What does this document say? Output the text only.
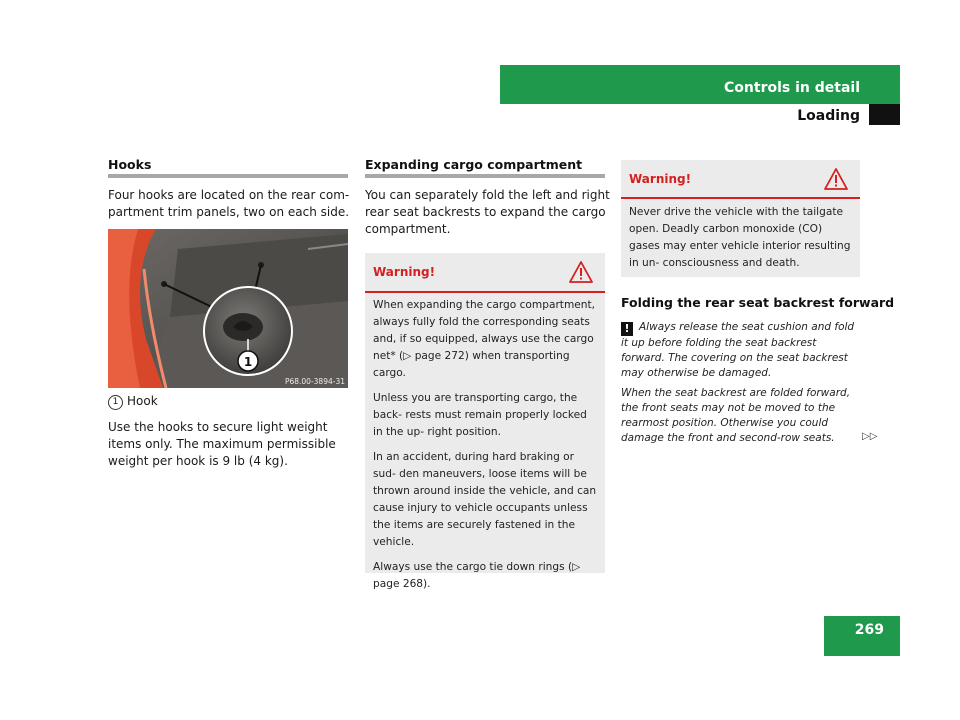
Controls in detail
Loading
Hooks
Four hooks are located on the rear com- partment trim panels, two on each side.
1
P68.00-3894-31
1 Hook
Use the hooks to secure light weight items only. The maximum permissible weight per hook is 9 lb (4 kg).
Expanding cargo compartment
You can separately fold the left and right rear seat backrests to expand the cargo compartment.
Warning!

When expanding the cargo compartment, always fully fold the corresponding seats and, if so equipped, always use the cargo net* (▷ page 272) when transporting cargo.

Unless you are transporting cargo, the back- rests must remain properly locked in the up- right position.

In an accident, during hard braking or sud- den maneuvers, loose items will be thrown around inside the vehicle, and can cause injury to vehicle occupants unless the items are securely fastened in the vehicle.

Always use the cargo tie down rings (▷ page 268).

Warning!

Never drive the vehicle with the tailgate open. Deadly carbon monoxide (CO) gases may enter vehicle interior resulting in un- consciousness and death.

Folding the rear seat backrest forward

! Always release the seat cushion and fold it up before folding the seat backrest forward. The covering on the seat backrest may otherwise be damaged.

When the seat backrest are folded forward, the front seats may not be moved to the rearmost position. Otherwise you could damage the front and second-row seats.	▷▷
269
